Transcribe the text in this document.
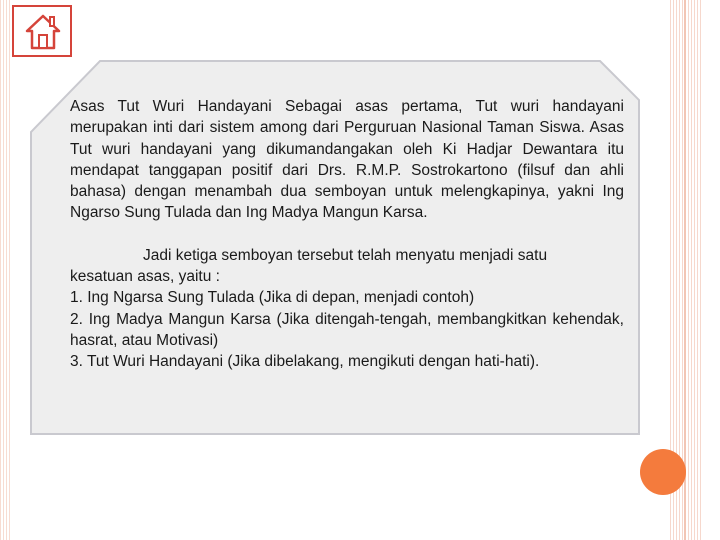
Asas Tut Wuri Handayani Sebagai asas pertama, Tut wuri handayani merupakan inti dari sistem among dari Perguruan Nasional Taman Siswa. Asas Tut wuri handayani yang dikumandangakan oleh Ki Hadjar Dewantara itu mendapat tanggapan positif dari Drs. R.M.P. Sostrokartono (filsuf dan ahli bahasa) dengan menambah dua semboyan untuk melengkapinya, yakni Ing Ngarso Sung Tulada dan Ing Madya Mangun Karsa.

Jadi ketiga semboyan tersebut telah menyatu menjadi satu
kesatuan asas, yaitu :
1. Ing Ngarsa Sung Tulada (Jika di depan, menjadi contoh)
2. Ing Madya Mangun Karsa (Jika ditengah-tengah, membangkitkan kehendak, hasrat, atau Motivasi)
3. Tut Wuri Handayani (Jika dibelakang, mengikuti dengan hati-hati).
